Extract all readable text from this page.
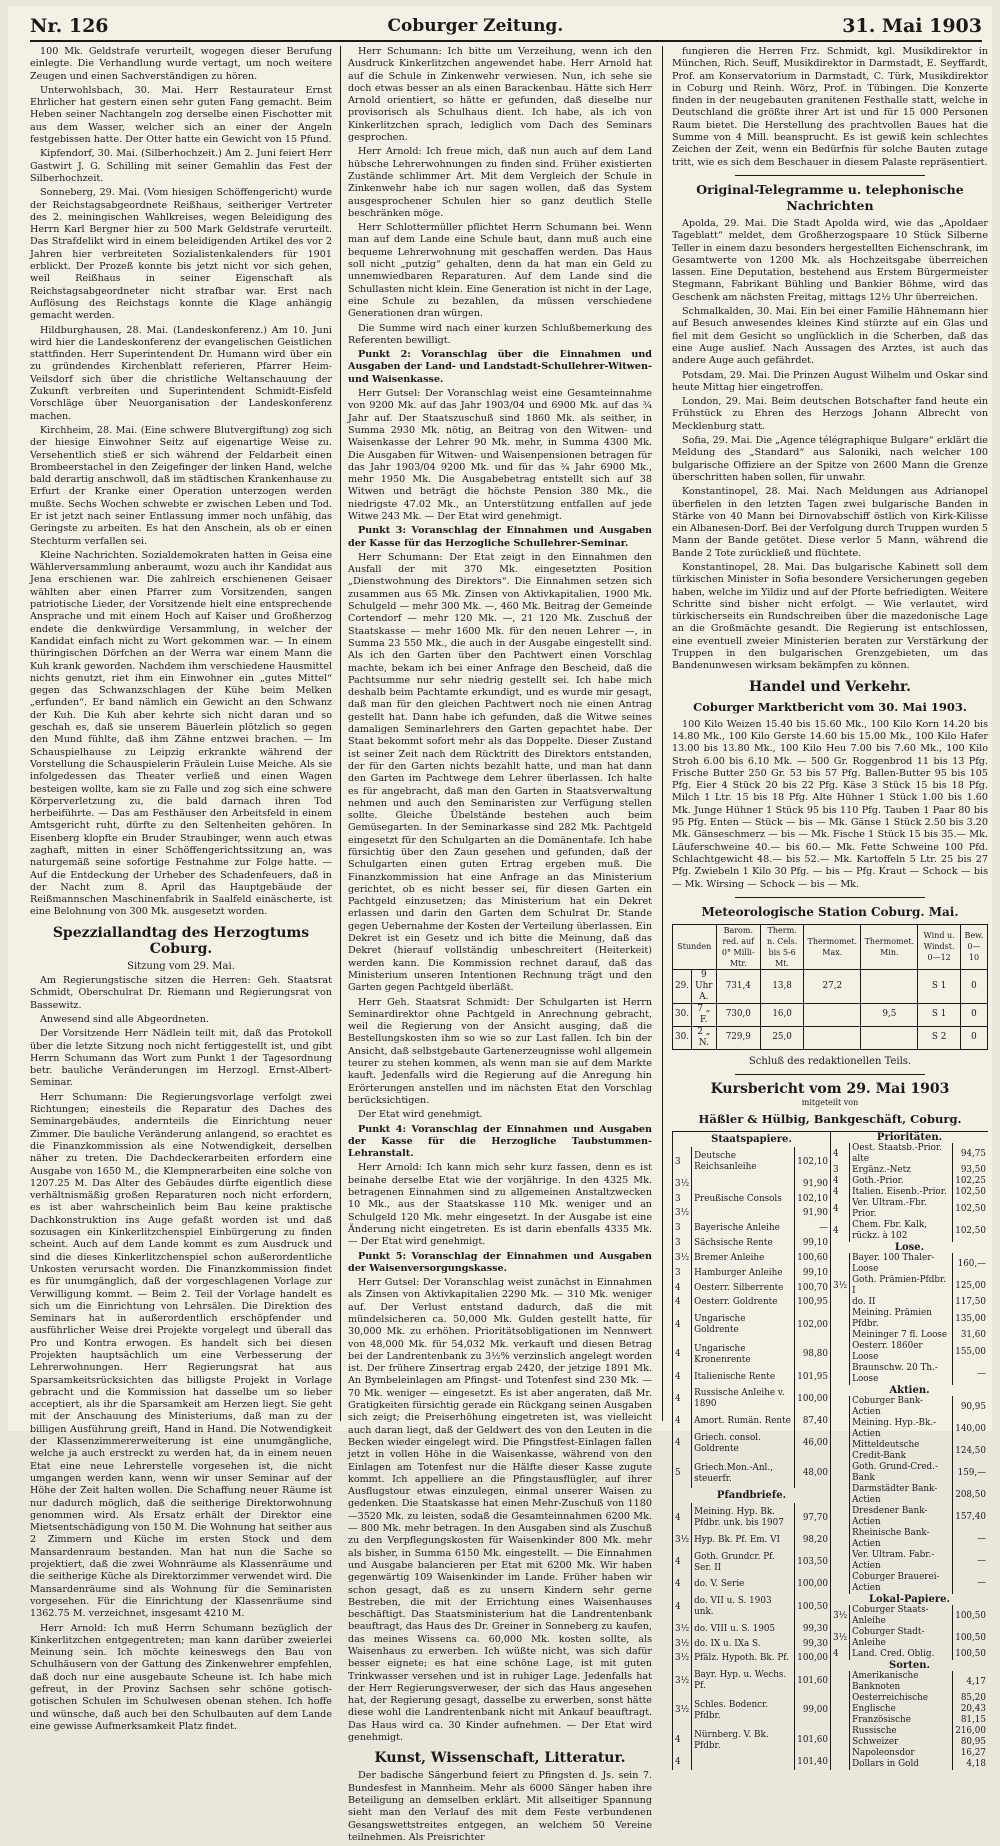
Nr. 126	Coburger Zeitung.	31. Mai 1903

100 Mk. Geldstrafe verurteilt, wogegen dieser Berufung einlegte. Die Verhandlung wurde vertagt, um noch weitere Zeugen und einen Sachverständigen zu hören.

Unterwohlsbach, 30. Mai. Herr Restaurateur Ernst Ehrlicher hat gestern einen sehr guten Fang gemacht. Beim Heben seiner Nachtangeln zog derselbe einen Fischotter mit aus dem Wasser, welcher sich an einer der Angeln festgebissen hatte. Der Otter hatte ein Gewicht von 15 Pfund.

Kipfendorf, 30. Mai. (Silberhochzeit.) Am 2. Juni feiert Herr Gastwirt J. G. Schilling mit seiner Gemahlin das Fest der Silberhochzeit.

Sonneberg, 29. Mai. (Vom hiesigen Schöffengericht) wurde der Reichstagsabgeordnete Reißhaus, seitheriger Vertreter des 2. meiningischen Wahlkreises, wegen Beleidigung des Herrn Karl Bergner hier zu 500 Mark Geldstrafe verurteilt. Das Strafdelikt wird in einem beleidigenden Artikel des vor 2 Jahren hier verbreiteten Sozialistenkalenders für 1901 erblickt. Der Prozeß konnte bis jetzt nicht vor sich gehen, weil Reißhaus in seiner Eigenschaft als Reichstagsabgeordneter nicht strafbar war. Erst nach Auflösung des Reichstags konnte die Klage anhängig gemacht werden.

Hildburghausen, 28. Mai. (Landeskonferenz.) Am 10. Juni wird hier die Landeskonferenz der evangelischen Geistlichen stattfinden. Herr Superintendent Dr. Humann wird über ein zu gründendes Kirchenblatt referieren, Pfarrer Heim-Veilsdorf sich über die christliche Weltanschauung der Zukunft verbreiten und Superintendent Schmidt-Eisfeld Vorschläge über Neuorganisation der Landeskonferenz machen.

Kirchheim, 28. Mai. (Eine schwere Blutvergiftung) zog sich der hiesige Einwohner Seitz auf eigenartige Weise zu. Versehentlich stieß er sich während der Feldarbeit einen Brombeerstachel in den Zeigefinger der linken Hand, welche bald derartig anschwoll, daß im städtischen Krankenhause zu Erfurt der Kranke einer Operation unterzogen werden mußte. Sechs Wochen schwebte er zwischen Leben und Tod. Er ist jetzt nach seiner Entlassung immer noch unfähig, das Geringste zu arbeiten. Es hat den Anschein, als ob er einen Stechturm verfallen sei.

Kleine Nachrichten. Sozialdemokraten hatten in Geisa eine Wählerversammlung anberaumt, wozu auch ihr Kandidat aus Jena erschienen war. Die zahlreich erschienenen Geisaer wählten aber einen Pfarrer zum Vorsitzenden, sangen patriotische Lieder, der Vorsitzende hielt eine entsprechende Ansprache und mit einem Hoch auf Kaiser und Großherzog endete die denkwürdige Versammlung, in welcher der Kandidat einfach nicht zu Wort gekommen war. — In einem thüringischen Dörfchen an der Werra war einem Mann die Kuh krank geworden. Nachdem ihm verschiedene Hausmittel nichts genutzt, riet ihm ein Einwohner ein „gutes Mittel“ gegen das Schwanzschlagen der Kühe beim Melken „erfunden“. Er band nämlich ein Gewicht an den Schwanz der Kuh. Die Kuh aber kehrte sich nicht daran und so geschah es, daß sie unserem Bäuerlein plötzlich so gegen den Mund fühlte, daß ihm Zähne entzwei brachen. — Im Schauspielhause zu Leipzig erkrankte während der Vorstellung die Schauspielerin Fräulein Luise Meiche. Als sie infolgedessen das Theater verließ und einen Wagen besteigen wollte, kam sie zu Falle und zog sich eine schwere Körperverletzung zu, die bald darnach ihren Tod herbeiführte. — Das am Festhäuser den Arbeitsfeld in einem Amtsgericht ruht, dürfte zu den Seltenheiten gehören. In Eisenberg klopfte ein Bruder Straubinger, wenn auch etwas zaghaft, mitten in einer Schöffengerichtssitzung an, was naturgemäß seine sofortige Festnahme zur Folge hatte. — Auf die Entdeckung der Urheber des Schadenfeuers, daß in der Nacht zum 8. April das Hauptgebäude der Reißmannschen Maschinenfabrik in Saalfeld einäscherte, ist eine Belohnung von 300 Mk. ausgesetzt worden.

Spezziallandtag des Herzogtums Coburg.
Sitzung vom 29. Mai.

Am Regierungstische sitzen die Herren: Geh. Staatsrat Schmidt, Oberschulrat Dr. Riemann und Regierungsrat von Bassewitz.

Anwesend sind alle Abgeordneten.

Der Vorsitzende Herr Nädlein teilt mit, daß das Protokoll über die letzte Sitzung noch nicht fertiggestellt ist, und gibt Herrn Schumann das Wort zum Punkt 1 der Tagesordnung betr. bauliche Veränderungen im Herzogl. Ernst-Albert-Seminar.

Herr Schumann: Die Regierungsvorlage verfolgt zwei Richtungen; einesteils die Reparatur des Daches des Seminargebäudes, andernteils die Einrichtung neuer Zimmer. Die bauliche Veränderung anlangend, so erachtet es die Finanzkommission als eine Notwendigkeit, derselben näher zu treten. Die Dachdeckerarbeiten erfordern eine Ausgabe von 1650 M., die Klempnerarbeiten eine solche von 1207.25 M. Das Alter des Gebäudes dürfte eigentlich diese verhältnismäßig großen Reparaturen noch nicht erfordern, es ist aber wahrscheinlich beim Bau keine praktische Dachkonstruktion ins Auge gefaßt worden ist und daß sozusagen ein Kinkerlitzchenspiel Einbürgerung zu finden scheint. Auch auf dem Lande kommt es zum Ausdruck und sind die dieses Kinkerlitzchenspiel schon außerordentliche Unkosten verursacht worden. Die Finanzkommission findet es für unumgänglich, daß der vorgeschlagenen Vorlage zur Verwilligung kommt. — Beim 2. Teil der Vorlage handelt es sich um die Einrichtung von Lehrsälen. Die Direktion des Seminars hat in außerordentlich erschöpfender und ausführlicher Weise drei Projekte vorgelegt und überall das Pro und Kontra erwogen. Es handelt sich bei diesen Projekten hauptsächlich um eine Verbesserung der Lehrerwohnungen. Herr Regierungsrat hat aus Sparsamkeitsrücksichten das billigste Projekt in Vorlage gebracht und die Kommission hat dasselbe um so lieber acceptiert, als ihr die Sparsamkeit am Herzen liegt. Sie geht mit der Anschauung des Ministeriums, daß man zu der billigen Ausführung greift, Hand in Hand. Die Notwendigkeit der Klassenzimmererweiterung ist eine unumgängliche, welche ja auch erstreckt zu werden hat, da in einem neuen Etat eine neue Lehrerstelle vorgesehen ist, die nicht umgangen werden kann, wenn wir unser Seminar auf der Höhe der Zeit halten wollen. Die Schaffung neuer Räume ist nur dadurch möglich, daß die seitherige Direktorwohnung genommen wird. Als Ersatz erhält der Direktor eine Mietsentschädigung von 150 M. Die Wohnung hat seither aus 2 Zimmern und Küche im ersten Stock und dem Mansardenraum bestanden. Man hat nun die Sache so projektiert, daß die zwei Wohnräume als Klassenräume und die seitherige Küche als Direktorzimmer verwendet wird. Die Mansardenräume sind als Wohnung für die Seminaristen vorgesehen. Für die Einrichtung der Klassenräume sind 1362.75 M. verzeichnet, insgesamt 4210 M.

Herr Arnold: Ich muß Herrn Schumann bezüglich der Kinkerlitzchen entgegentreten; man kann darüber zweierlei Meinung sein. Ich möchte keineswegs den Bau von Schulhäusern von der Gattung des Zinkenwehrer empfehlen, daß doch nur eine ausgebaute Scheune ist. Ich habe mich gefreut, in der Provinz Sachsen sehr schöne gotisch-gotischen Schulen im Schulwesen obenan stehen. Ich hoffe und wünsche, daß auch bei den Schulbauten auf dem Lande eine gewisse Aufmerksamkeit Platz findet.

Herr Schumann: Ich bitte um Verzeihung, wenn ich den Ausdruck Kinkerlitzchen angewendet habe. Herr Arnold hat auf die Schule in Zinkenwehr verwiesen. Nun, ich sehe sie doch etwas besser an als einen Barackenbau. Hätte sich Herr Arnold orientiert, so hätte er gefunden, daß dieselbe nur provisorisch als Schulhaus dient. Ich habe, als ich von Kinkerlitzchen sprach, lediglich vom Dach des Seminars gesprochen.

Herr Arnold: Ich freue mich, daß nun auch auf dem Land hübsche Lehrerwohnungen zu finden sind. Früher existierten Zustände schlimmer Art. Mit dem Vergleich der Schule in Zinkenwehr habe ich nur sagen wollen, daß das System ausgesprochener Schulen hier so ganz deutlich Stelle beschränken möge.

Herr Schlottermüller pflichtet Herrn Schumann bei. Wenn man auf dem Lande eine Schule baut, dann muß auch eine bequeme Lehrerwohnung mit geschaffen werden. Das Haus soll nicht „putzig“ gehalten, denn da hat man ein Geld zu unnemwiedbaren Reparaturen. Auf dem Lande sind die Schullasten nicht klein. Eine Generation ist nicht in der Lage, eine Schule zu bezahlen, da müssen verschiedene Generationen dran würgen.

Die Summe wird nach einer kurzen Schlußbemerkung des Referenten bewilligt.

Punkt 2: Voranschlag über die Einnahmen und Ausgaben der Land- und Landstadt-Schullehrer-Witwen- und Waisenkasse.

Herr Gutsel: Der Voranschlag weist eine Gesamteinnahme von 9200 Mk. auf das Jahr 1903/04 und 6900 Mk. auf das ¾ Jahr auf. Der Staatszuschuß sind 1860 Mk. als seither, in Summa 2930 Mk. nötig, an Beitrag von den Witwen- und Waisenkasse der Lehrer 90 Mk. mehr, in Summa 4300 Mk. Die Ausgaben für Witwen- und Waisenpensionen betragen für das Jahr 1903/04 9200 Mk. und für das ¾ Jahr 6900 Mk., mehr 1950 Mk. Die Ausgabebetrag entstellt sich auf 38 Witwen und beträgt die höchste Pension 380 Mk., die niedrigste 47.02 Mk., an Unterstützung entfallen auf jede Witwe 243 Mk. — Der Etat wird genehmigt.

Punkt 3: Voranschlag der Einnahmen und Ausgaben der Kasse für das Herzogliche Schullehrer-Seminar.

Herr Schumann: Der Etat zeigt in den Einnahmen den Ausfall der mit 370 Mk. eingesetzten Position „Dienstwohnung des Direktors“. Die Einnahmen setzen sich zusammen aus 65 Mk. Zinsen von Aktivkapitalien, 1900 Mk. Schulgeld — mehr 300 Mk. —, 460 Mk. Beitrag der Gemeinde Cortendorf — mehr 120 Mk. —, 21 120 Mk. Zuschuß der Staatskasse — mehr 1600 Mk. für den neuen Lehrer —, in Summa 23 550 Mk., die auch in der Ausgabe eingestellt sind. Als ich den Garten über den Pachtwert einen Vorschlag machte, bekam ich bei einer Anfrage den Bescheid, daß die Pachtsumme nur sehr niedrig gestellt sei. Ich habe mich deshalb beim Pachtamte erkundigt, und es wurde mir gesagt, daß man für den gleichen Pachtwert noch nie einen Antrag gestellt hat. Dann habe ich gefunden, daß die Witwe seines damaligen Seminarlehrers den Garten gepachtet habe. Der Staat bekommt sofort mehr als das Doppelte. Dieser Zustand ist seiner Zeit nach dem Rücktritt des Direktors entstanden, der für den Garten nichts bezahlt hatte, und man hat dann den Garten im Pachtwege dem Lehrer überlassen. Ich halte es für angebracht, daß man den Garten in Staatsverwaltung nehmen und auch den Seminaristen zur Verfügung stellen sollte. Gleiche Übelstände bestehen auch beim Gemüsegarten. In der Seminarkasse sind 282 Mk. Pachtgeld eingesetzt für den Schulgarten an die Domänentafe. Ich habe fürsichtig über den Zaun gesehen und gefunden, daß der Schulgarten einen guten Ertrag ergeben muß. Die Finanzkommission hat eine Anfrage an das Ministerium gerichtet, ob es nicht besser sei, für diesen Garten ein Pachtgeld einzusetzen; das Ministerium hat ein Dekret erlassen und darin den Garten dem Schulrat Dr. Stande gegen Uebernahme der Kosten der Verteilung überlassen. Ein Dekret ist ein Gesetz und ich bitte die Meinung, daß das Dekret (hierauf vollständig unbeschreitert (Heiterkeit) werden kann. Die Kommission rechnet darauf, daß das Ministerium unseren Intentionen Rechnung trägt und den Garten gegen Pachtgeld überläßt.

Herr Geh. Staatsrat Schmidt: Der Schulgarten ist Herrn Seminardirektor ohne Pachtgeld in Anrechnung gebracht, weil die Regierung von der Ansicht ausging, daß die Bestellungskosten ihm so wie so zur Last fallen. Ich bin der Ansicht, daß selbstgebaute Gartenerzeugnisse wohl allgemein teurer zu stehen kommen, als wenn man sie auf dem Markte kauft. Jedenfalls wird die Regierung auf die Anregung hin Erörterungen anstellen und im nächsten Etat den Vorschlag berücksichtigen.

Der Etat wird genehmigt.

Punkt 4: Voranschlag der Einnahmen und Ausgaben der Kasse für die Herzogliche Taubstummen-Lehranstalt.

Herr Arnold: Ich kann mich sehr kurz fassen, denn es ist beinahe derselbe Etat wie der vorjährige. In den 4325 Mk. betragenen Einnahmen sind zu allgemeinen Anstaltzwecken 10 Mk., aus der Staatskasse 110 Mk. weniger und an Schulgeld 120 Mk. mehr eingesetzt. In der Ausgabe ist eine Änderung nicht eingetreten. Es ist darin ebenfalls 4335 Mk. — Der Etat wird genehmigt.

Punkt 5: Voranschlag der Einnahmen und Ausgaben der Waisenversorgungskasse.

Herr Gutsel: Der Voranschlag weist zunächst in Einnahmen als Zinsen von Aktivkapitalien 2290 Mk. — 310 Mk. weniger auf. Der Verlust entstand dadurch, daß die mit mündelsicheren ca. 50,000 Mk. Gulden gestellt hatte, für 30,000 Mk. zu erhöhen. Prioritätsobligationen im Nennwert von 48,000 Mk. für 54,032 Mk. verkauft und diesen Betrag bei der Landrentenbank zu 3½% verzinslich angelegt worden ist. Der frühere Zinsertrag ergab 2420, der jetzige 1891 Mk. An Bymbeleinlagen am Pfingst- und Totenfest sind 230 Mk. — 70 Mk. weniger — eingesetzt. Es ist aber angeraten, daß Mr. Gratigkeiten fürsichtig gerade ein Rückgang seinen Ausgaben sich zeigt; die Preiserhöhung eingetreten ist, was vielleicht auch daran liegt, daß der Geldwert des von den Leuten in die Becken wieder eingelegt wird. Die Pfingstfest-Einlagen fallen jetzt in vollen Höhe in die Waisenkasse, während von den Einlagen am Totenfest nur die Hälfte dieser Kasse zugute kommt. Ich appelliere an die Pfingstausflügler, auf ihrer Ausflugstour etwas einzulegen, einmal unserer Waisen zu gedenken. Die Staatskasse hat einen Mehr-Zuschuß von 1180—3520 Mk. zu leisten, sodaß die Gesamteinnahmen 6200 Mk. — 800 Mk. mehr betragen. In den Ausgaben sind als Zuschuß zu den Verpflegungskosten für Waisenkinder 800 Mk. mehr als bisher, in Summa 6150 Mk. eingestellt. — Die Einnahmen und Ausgabe balancieren per Etat mit 6200 Mk. Wir haben gegenwärtig 109 Waisenkinder im Lande. Früher haben wir schon gesagt, daß es zu unsern Kindern sehr gerne Bestreben, die mit der Errichtung eines Waisenhauses beschäftigt. Das Staatsministerium hat die Landrentenbank beauftragt, das Haus des Dr. Greiner in Sonneberg zu kaufen, das meines Wissens ca. 60,000 Mk. kosten sollte, als Waisenhaus zu erwerben. Ich wüßte nicht, was sich dafür besser eignete; es hat eine schöne Lage, ist mit guten Trinkwasser versehen und ist in ruhiger Lage. Jedenfalls hat der Herr Regierungsverweser, der sich das Haus angesehen hat, der Regierung gesagt, dasselbe zu erwerben, sonst hätte diese wohl die Landrentenbank nicht mit Ankauf beauftragt. Das Haus wird ca. 30 Kinder aufnehmen. — Der Etat wird genehmigt.

Kunst, Wissenschaft, Litteratur.

Der badische Sängerbund feiert zu Pfingsten d. Js. sein 7. Bundesfest in Mannheim. Mehr als 6000 Sänger haben ihre Beteiligung an demselben erklärt. Mit allseitiger Spannung sieht man den Verlauf des mit dem Feste verbundenen Gesangswettstreites entgegen, an welchem 50 Vereine teilnehmen. Als Preisrichter

fungieren die Herren Frz. Schmidt, kgl. Musikdirektor in München, Rich. Seuff, Musikdirektor in Darmstadt, E. Seyffardt, Prof. am Konservatorium in Darmstadt, C. Türk, Musikdirektor in Coburg und Reinh. Wörz, Prof. in Tübingen. Die Konzerte finden in der neugebauten granitenen Festhalle statt, welche in Deutschland die größte ihrer Art ist und für 15 000 Personen Raum bietet. Die Herstellung des prachtvollen Baues hat die Summe von 4 Mill. beansprucht. Es ist gewiß kein schlechtes Zeichen der Zeit, wenn ein Bedürfnis für solche Bauten zutage tritt, wie es sich dem Beschauer in diesem Palaste repräsentiert.

Original-Telegramme u. telephonische Nachrichten

Apolda, 29. Mai. Die Stadt Apolda wird, wie das „Apoldaer Tageblatt“ meldet, dem Großherzogspaare 10 Stück Silberne Teller in einem dazu besonders hergestellten Eichenschrank, im Gesamtwerte von 1200 Mk. als Hochzeitsgabe überreichen lassen. Eine Deputation, bestehend aus Erstem Bürgermeister Stegmann, Fabrikant Bühling und Bankier Böhme, wird das Geschenk am nächsten Freitag, mittags 12½ Uhr überreichen.

Schmalkalden, 30. Mai. Ein bei einer Familie Hähnemann hier auf Besuch anwesendes kleines Kind stürzte auf ein Glas und fiel mit dem Gesicht so unglücklich in die Scherben, daß das eine Auge auslief. Nach Aussagen des Arztes, ist auch das andere Auge auch gefährdet.

Potsdam, 29. Mai. Die Prinzen August Wilhelm und Oskar sind heute Mittag hier eingetroffen.

London, 29. Mai. Beim deutschen Botschafter fand heute ein Frühstück zu Ehren des Herzogs Johann Albrecht von Mecklenburg statt.

Sofia, 29. Mai. Die „Agence télégraphique Bulgare“ erklärt die Meldung des „Standard“ aus Saloniki, nach welcher 100 bulgarische Offiziere an der Spitze von 2600 Mann die Grenze überschritten haben sollen, für unwahr.

Konstantinopel, 28. Mai. Nach Meldungen aus Adrianopel überfielen in den letzten Tagen zwei bulgarische Banden in Stärke von 40 Mann bei Dirnovabschiff östlich von Kirk-Kilisse ein Albanesen-Dorf. Bei der Verfolgung durch Truppen wurden 5 Mann der Bande getötet. Diese verlor 5 Mann, während die Bande 2 Tote zurückließ und flüchtete.

Konstantinopel, 28. Mai. Das bulgarische Kabinett soll dem türkischen Minister in Sofia besondere Versicherungen gegeben haben, welche im Yildiz und auf der Pforte befriedigten. Weitere Schritte sind bisher nicht erfolgt. — Wie verlautet, wird türkischerseits ein Rundschreiben über die mazedonische Lage an die Großmächte gesandt. Die Regierung ist entschlossen, eine eventuell zweier Ministerien beraten zur Verstärkung der Truppen in den bulgarischen Grenzgebieten, um das Bandenunwesen wirksam bekämpfen zu können.

Handel und Verkehr.
Coburger Marktbericht vom 30. Mai 1903.

100 Kilo Weizen 15.40 bis 15.60 Mk., 100 Kilo Korn 14.20 bis 14.80 Mk., 100 Kilo Gerste 14.60 bis 15.00 Mk., 100 Kilo Hafer 13.00 bis 13.80 Mk., 100 Kilo Heu 7.00 bis 7.60 Mk., 100 Kilo Stroh 6.00 bis 6.10 Mk. — 500 Gr. Roggenbrod 11 bis 13 Pfg. Frische Butter 250 Gr. 53 bis 57 Pfg. Ballen-Butter 95 bis 105 Pfg. Eier 4 Stück 20 bis 22 Pfg. Käse 3 Stück 15 bis 18 Pfg. Milch 1 Ltr. 15 bis 18 Pfg. Alte Hühner 1 Stück 1.00 bis 1.60 Mk. Junge Hühner 1 Stück 95 bis 110 Pfg. Tauben 1 Paar 80 bis 95 Pfg. Enten — Stück — bis — Mk. Gänse 1 Stück 2.50 bis 3.20 Mk. Gänseschmerz — bis — Mk. Fische 1 Stück 15 bis 35.— Mk. Läuferschweine 40.— bis 60.— Mk. Fette Schweine 100 Pfd. Schlachtgewicht 48.— bis 52.— Mk. Kartoffeln 5 Ltr. 25 bis 27 Pfg. Zwiebeln 1 Kilo 30 Pfg. — bis — Pfg. Kraut — Schock — bis — Mk. Wirsing — Schock — bis — Mk.

Meteorologische Station Coburg. Mai.
Stunden		Barom. red. auf 0° Milli-Mtr.	Therm. n. Cels. bis 5-6 Mt.	Thermomet. Max.	Thermomet. Min.	Wind u. Windst. 0—12	Bew. 0—10
29.	9 Uhr A.	731,4	13,8	27,2		S 1	0
30.	7 „ F.	730,0	16,0		9,5	S 1	0
30.	2 „ N.	729,9	25,0			S 2	0
Schluß des redaktionellen Teils.
Kursbericht vom 29. Mai 1903
mitgeteilt von
Häßler & Hülbig, Bankgeschäft, Coburg.
Staatspapiere.		
3	Deutsche Reichsanleihe	102,10
3½		91,90
3	Preußische Consols	102,10
3½		91,90
3	Bayerische Anleihe	—
3	Sächsische Rente	99,10
3½	Bremer Anleihe	100,60
3	Hamburger Anleihe	99,10
4	Oesterr. Silberrente	100,70
4	Oesterr. Goldrente	100,95
4	Ungarische Goldrente	102,00
4	Ungarische Kronenrente	98,80
4	Italienische Rente	101,95
4	Russische Anleihe v. 1890	100,00
4	Amort. Rumän. Rente	87,40
4	Griech. consol. Goldrente	46,00
5	Griech.Mon.-Anl., steuerfr.	48,00
Pfandbriefe.		
4	Meining. Hyp. Bk. Pfdbr. unk. bis 1907	97,70
3½	Hyp. Bk. Pf. Em. VI	98,20
4	Goth. Grundcr. Pf. Ser. II	103,50
4	do. V. Serie	100,00
4	do. VII u. S. 1903 unk.	100,50
3½	do. VIII u. S. 1905	99,30
3½	do. IX u. IXa S.	99,30
3½	Pfälz. Hypoth. Bk. Pf.	100,00
3½	Bayr. Hyp. u. Wechs. Pf.	101,60
3½	Schles. Bodencr. Pfdbr.	99,00
4	Nürnberg. V. Bk. Pfdbr.	101,60
4		101,40
Prioritäten.		
4	Oest. Staatsb.-Prior. alte	94,75
3	Ergänz.-Netz	93,50
4	Goth.-Prior.	102,25
4	Italien. Eisenb.-Prior.	102,50
4	Ver. Ultram.-Fbr. Prior.	102,50
4	Chem. Fbr. Kalk, rückz. à 102	102,50
Lose.		
	Bayer. 100 Thaler-Loose	160,—
3½	Goth. Prämien-Pfdbr. I	125,00
	do. II	117,50
	Meining. Prämien Pfdbr.	135,00
	Meininger 7 fl. Loose	31,60
	Oesterr. 1860er Loose	155,00
	Braunschw. 20 Th.-Loose	—
Aktien.		
	Coburger Bank-Actien	90,95
	Meining. Hyp.-Bk.-Actien	140,00
	Mitteldeutsche Credit-Bank	124,50
	Goth. Grund-Cred.-Bank	159,—
	Darmstädter Bank-Actien	208,50
	Dresdener Bank-Actien	157,40
	Rheinische Bank-Actien	—
	Ver. Ultram. Fabr.-Actien	—
	Coburger Brauerei-Actien	—
Lokal-Papiere.		
3½	Coburger Staats-Anleihe	100,50
3½	Coburger Stadt-Anleihe	100,50
4	Land. Cred. Oblig.	100,50
Sorten.		
	Amerikanische Banknoten	4,17
	Oesterreichische	85,20
	Englische	20,43
	Französische	81,15
	Russische	216,00
	Schweizer	80,95
	Napoleonsdor	16,27
	Dollars in Gold	4,18
